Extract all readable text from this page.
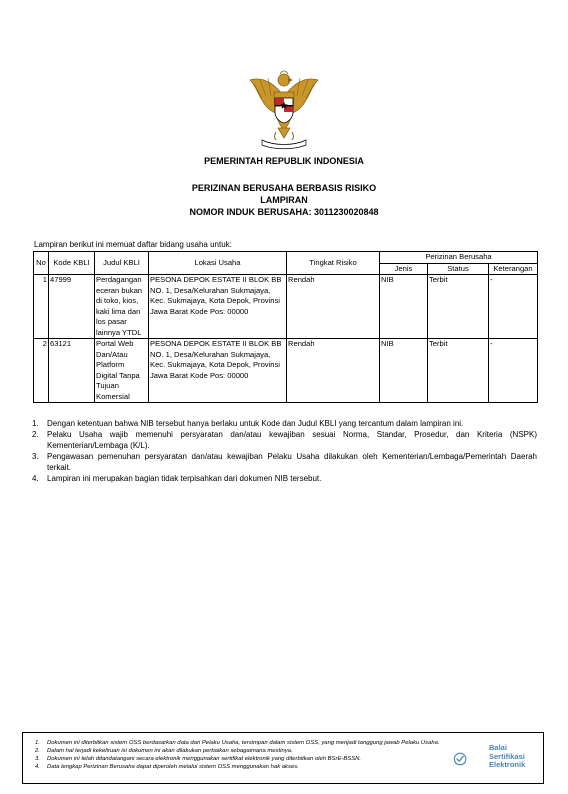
PEMERINTAH REPUBLIK INDONESIA
PERIZINAN BERUSAHA BERBASIS RISIKO
LAMPIRAN
NOMOR INDUK BERUSAHA: 3011230020848
Lampiran berikut ini memuat daftar bidang usaha untuk:
No	Kode KBLI	Judul KBLI	Lokasi Usaha	Tingkat Risiko	Perizinan Berusaha		
					Jenis	Status	Keterangan
1	47999	Perdagangan eceran bukan di toko, kios, kaki lima dan los pasar lainnya YTDL	PESONA DEPOK ESTATE II BLOK BB NO. 1, Desa/Kelurahan Sukmajaya, Kec. Sukmajaya, Kota Depok, Provinsi Jawa Barat Kode Pos: 00000	Rendah	NIB	Terbit	-
2	63121	Portal Web Dan/Atau Platform Digital Tanpa Tujuan Komersial	PESONA DEPOK ESTATE II BLOK BB NO. 1, Desa/Kelurahan Sukmajaya, Kec. Sukmajaya, Kota Depok, Provinsi Jawa Barat Kode Pos: 00000	Rendah	NIB	Terbit	-
1.	Dengan ketentuan bahwa NIB tersebut hanya berlaku untuk Kode dan Judul KBLI yang tercantum dalam lampiran ini.
2.	Pelaku Usaha wajib memenuhi persyaratan dan/atau kewajiban sesuai Norma, Standar, Prosedur, dan Kriteria (NSPK) Kementerian/Lembaga (K/L).
3.	Pengawasan pemenuhan persyaratan dan/atau kewajiban Pelaku Usaha dilakukan oleh Kementerian/Lembaga/Pemerintah Daerah terkait.
4.	Lampiran ini merupakan bagian tidak terpisahkan dari dokumen NIB tersebut.
1.	Dokumen ini diterbitkan sistem OSS berdasarkan data dari Pelaku Usaha, tersimpan dalam sistem OSS, yang menjadi tanggung jawab Pelaku Usaha.
2.	Dalam hal terjadi kekeliruan isi dokumen ini akan dilakukan perbaikan sebagaimana mestinya.
3.	Dokumen ini telah ditandatangani secara elektronik menggunakan sertifikat elektronik yang diterbitkan oleh BSrE-BSSN.
4.	Data lengkap Perizinan Berusaha dapat diperoleh melalui sistem OSS menggunakan hak akses.
Balai
Sertifikasi
Elektronik
